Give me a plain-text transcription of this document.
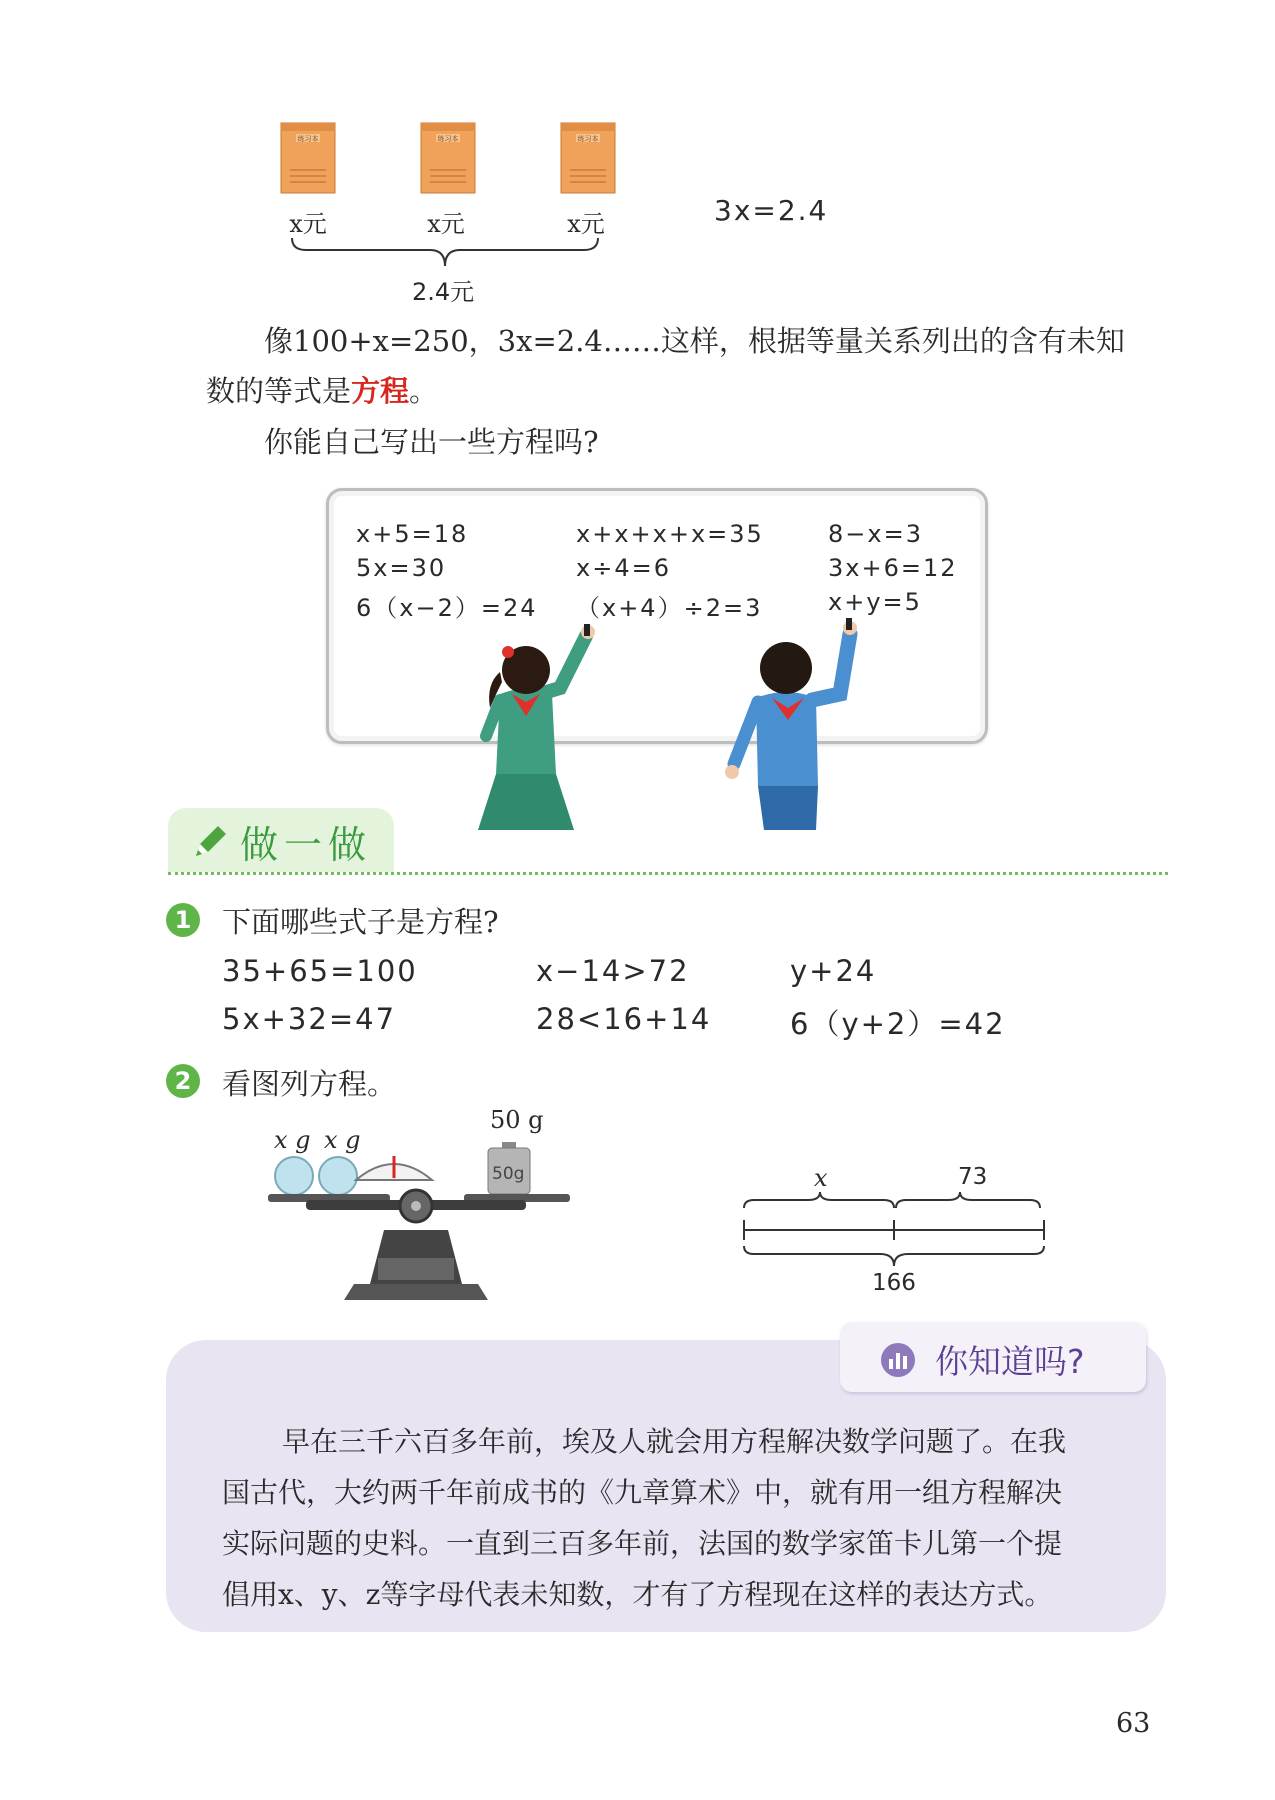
练习本	练习本	练习本
x元	x元	x元
2.4元
3x=2.4
像100+x=250，3x=2.4……这样，根据等量关系列出的含有未知
数的等式是方程。
你能自己写出一些方程吗?
x+5=18
5x=30
6（x−2）=24
x+x+x+x=35
x÷4=6
（x+4）÷2=3
8−x=3
3x+6=12
x+y=5
做一做
1 下面哪些式子是方程?
35+65=100	x−14>72	y+24
5x+32=47	28<16+14	6（y+2）=42
2 看图列方程。
x g x g
50 g
50g	x	73
166
你知道吗?

早在三千六百多年前，埃及人就会用方程解决数学问题了。在我

国古代，大约两千年前成书的《九章算术》中，就有用一组方程解决

实际问题的史料。一直到三百多年前，法国的数学家笛卡儿第一个提

倡用x、y、z等字母代表未知数，才有了方程现在这样的表达方式。

63
